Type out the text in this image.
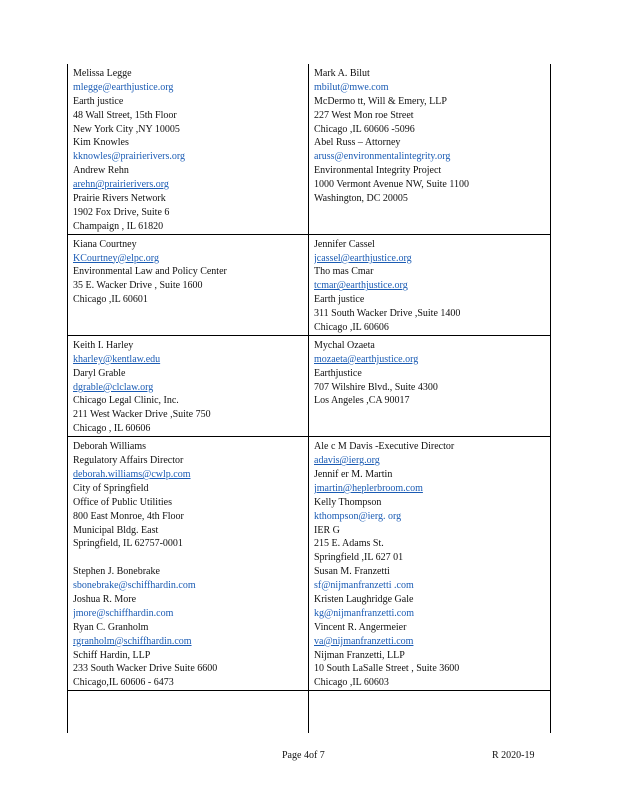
Melissa Legge
mlegge@earthjustice.org
Earth justice
48 Wall Street, 15th Floor
New York City ,NY 10005
Kim Knowles
kknowles@prairierivers.org
Andrew Rehn
arehn@prairierivers.org
Prairie Rivers Network
1902 Fox Drive, Suite 6
Champaign , IL 61820
Mark A. Bilut
mbilut@mwe.com
McDermo tt, Will & Emery, LLP
227 West Mon roe Street
Chicago ,IL 60606 -5096
Abel Russ – Attorney
aruss@environmentalintegrity.org
Environmental Integrity Project
1000 Vermont Avenue NW, Suite 1100
Washington, DC 20005
Kiana Courtney
KCourtney@elpc.org
Environmental Law and Policy Center
35 E. Wacker Drive , Suite 1600
Chicago ,IL 60601
Jennifer Cassel
jcassel@earthjustice.org
Tho mas Cmar
tcmar@earthjustice.org
Earth justice
311 South Wacker Drive ,Suite 1400
Chicago ,IL 60606
Keith I. Harley
kharley@kentlaw.edu
Daryl Grable
dgrable@clclaw.org
Chicago Legal Clinic, Inc.
211 West Wacker Drive ,Suite 750
Chicago , IL 60606
Mychal Ozaeta
mozaeta@earthjustice.org
Earthjustice
707 Wilshire Blvd., Suite 4300
Los Angeles ,CA 90017
Deborah Williams
Regulatory Affairs Director
deborah.williams@cwlp.com
City of Springfield
Office of Public Utilities
800 East Monroe, 4th Floor
Municipal Bldg. East
Springfield, IL 62757-0001
Stephen J. Bonebrake
sbonebrake@schiffhardin.com
Joshua R. More
jmore@schiffhardin.com
Ryan C. Granholm
rgranholm@schiffhardin.com
Schiff Hardin, LLP
233 South Wacker Drive Suite 6600
Chicago,IL 60606 - 6473
Ale c M Davis -Executive Director
adavis@ierg.org
Jennif er M. Martin
jmartin@heplerbroom.com
Kelly Thompson
kthompson@ierg. org
IER G
215 E. Adams St.
Springfield ,IL 627 01
Susan M. Franzetti
sf@nijmanfranzetti .com
Kristen Laughridge Gale
kg@nijmanfranzetti.com
Vincent R. Angermeier
va@nijmanfranzetti.com
Nijman Franzetti, LLP
10 South LaSalle Street , Suite 3600
Chicago ,IL 60603
Page 4of 7	R 2020-19
